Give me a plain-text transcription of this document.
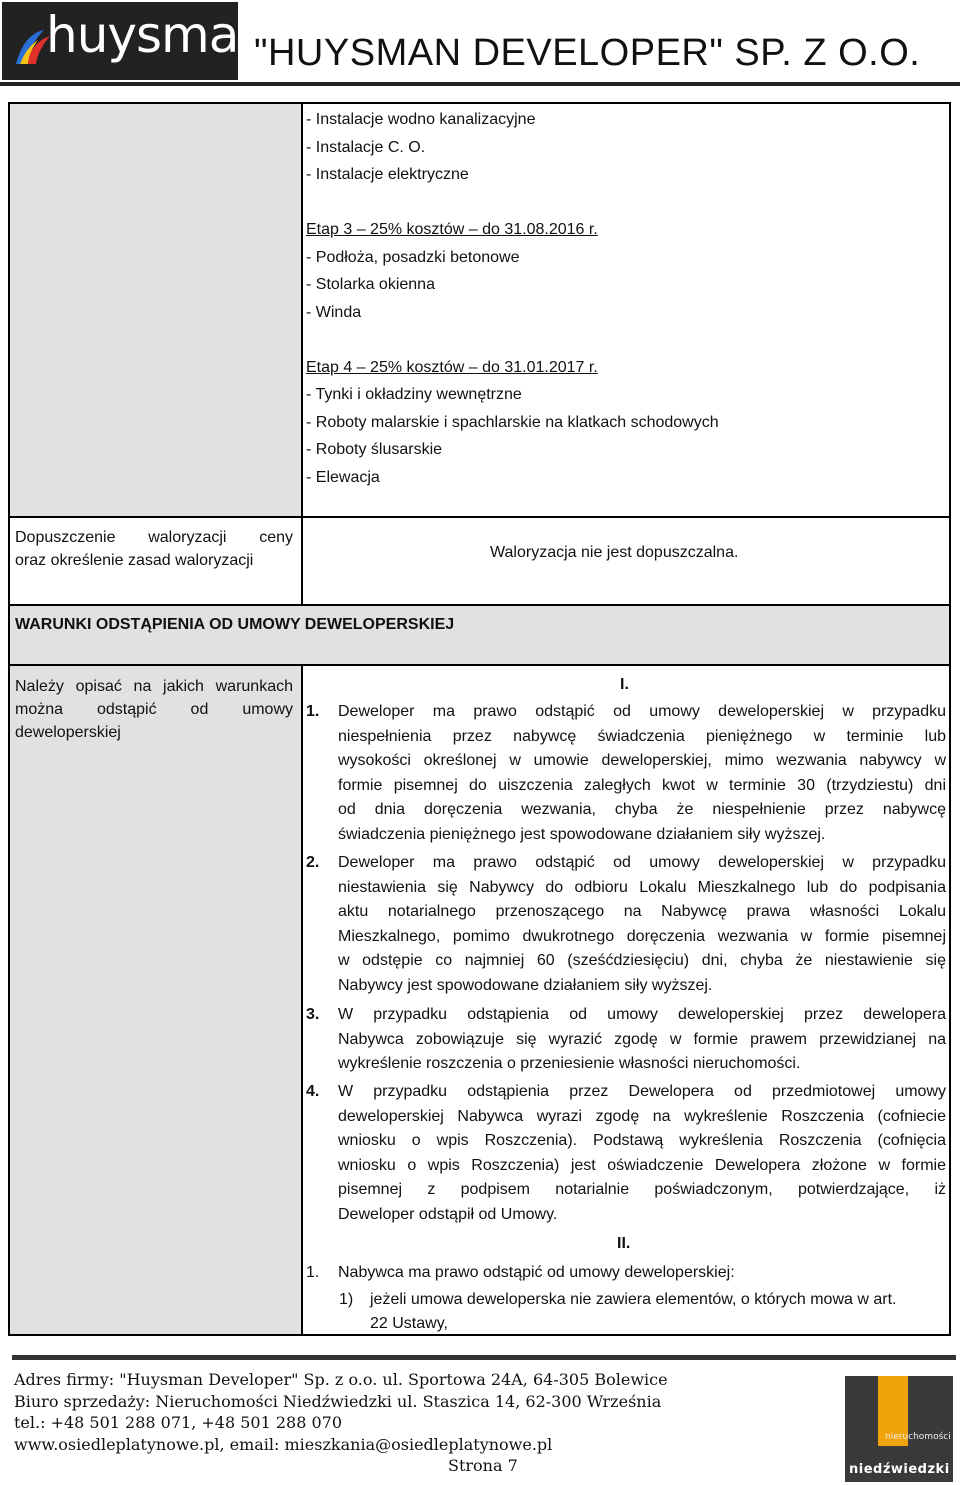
huysman
"HUYSMAN DEVELOPER" SP. Z O.O.
- Instalacje wodno kanalizacyjne
- Instalacje C. O.
- Instalacje elektryczne
Etap 3 – 25% kosztów – do 31.08.2016 r.
- Podłoża, posadzki betonowe
- Stolarka okienna
- Winda
Etap 4 – 25% kosztów – do 31.01.2017 r.
- Tynki i okładziny wewnętrzne
- Roboty malarskie i spachlarskie na klatkach schodowych
- Roboty ślusarskie
- Elewacja
Dopuszczenie waloryzacji ceny
oraz określenie zasad waloryzacji	Waloryzacja nie jest dopuszczalna.
WARUNKI ODSTĄPIENIA OD UMOWY DEWELOPERSKIEJ
Należy opisać na jakich warunkach
można odstąpić od umowy
deweloperskiej
I.
1. Deweloper ma prawo odstąpić od umowy deweloperskiej w przypadku
niespełnienia przez nabywcę świadczenia pieniężnego w terminie lub
wysokości określonej w umowie deweloperskiej, mimo wezwania nabywcy w
formie pisemnej do uiszczenia zaległych kwot w terminie 30 (trzydziestu) dni
od dnia doręczenia wezwania, chyba że niespełnienie przez nabywcę
świadczenia pieniężnego jest spowodowane działaniem siły wyższej.
2. Deweloper ma prawo odstąpić od umowy deweloperskiej w przypadku
niestawienia się Nabywcy do odbioru Lokalu Mieszkalnego lub do podpisania
aktu notarialnego przenoszącego na Nabywcę prawa własności Lokalu
Mieszkalnego, pomimo dwukrotnego doręczenia wezwania w formie pisemnej
w odstępie co najmniej 60 (sześćdziesięciu) dni, chyba że niestawienie się
Nabywcy jest spowodowane działaniem siły wyższej.
3. W przypadku odstąpienia od umowy deweloperskiej przez dewelopera
Nabywca zobowiązuje się wyrazić zgodę w formie prawem przewidzianej na
wykreślenie roszczenia o przeniesienie własności nieruchomości.
4. W przypadku odstąpienia przez Dewelopera od przedmiotowej umowy
deweloperskiej Nabywca wyrazi zgodę na wykreślenie Roszczenia (cofniecie
wniosku o wpis Roszczenia). Podstawą wykreślenia Roszczenia (cofnięcia
wniosku o wpis Roszczenia) jest oświadczenie Dewelopera złożone w formie
pisemnej z podpisem notarialnie poświadczonym, potwierdzające, iż
Deweloper odstąpił od Umowy.
II.
1. Nabywca ma prawo odstąpić od umowy deweloperskiej:
1) jeżeli umowa deweloperska nie zawiera elementów, o których mowa w art.
22 Ustawy,
Adres firmy: "Huysman Developer" Sp. z o.o. ul. Sportowa 24A, 64-305 Bolewice
Biuro sprzedaży: Nieruchomości Niedźwiedzki ul. Staszica 14, 62-300 Września
tel.: +48 501 288 071, +48 501 288 070
www.osiedleplatynowe.pl, email: mieszkania@osiedleplatynowe.pl
Strona 7
nieruchomości
niedźwiedzki
